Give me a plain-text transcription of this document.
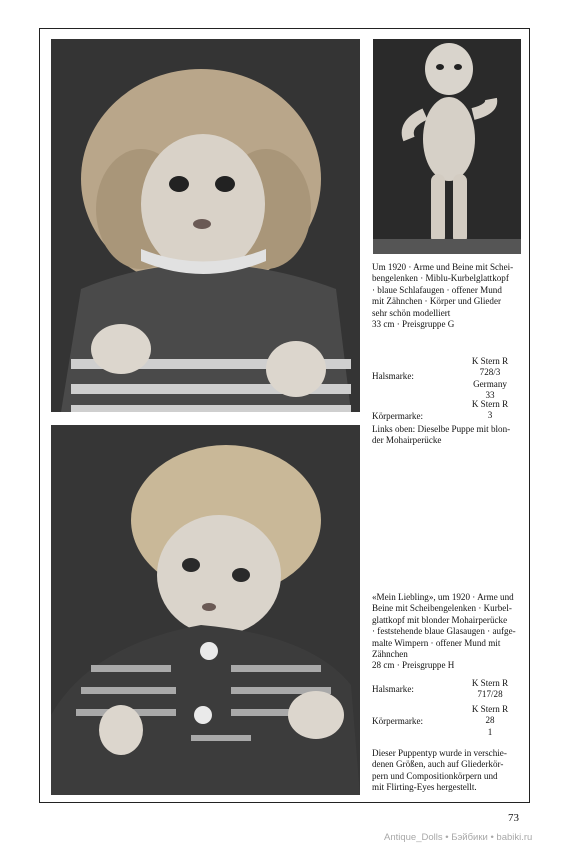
Um 1920 · Arme und Beine mit Schei-
bengelenken · Miblu-Kurbelglattkopf
· blaue Schlafaugen · offener Mund
mit Zähnchen · Körper und Glieder
sehr schön modelliert
33 cm · Preisgruppe G
Halsmarke:
K Stern R
728/3
Germany
33
Körpermarke:
K Stern R
3
Links oben: Dieselbe Puppe mit blon-
der Mohairperücke
«Mein Liebling», um 1920 · Arme und
Beine mit Scheibengelenken · Kurbel-
glattkopf mit blonder Mohairperücke
· feststehende blaue Glasaugen · aufge-
malte Wimpern · offener Mund mit
Zähnchen
28 cm · Preisgruppe H
Halsmarke:
K Stern R
717/28
Körpermarke:
K Stern R
28
1
Dieser Puppentyp wurde in verschie-
denen Größen, auch auf Gliederkör-
pern und Compositionkörpern und
mit Flirting-Eyes hergestellt.
73
Antique_Dolls • Бэйбики • babiki.ru
